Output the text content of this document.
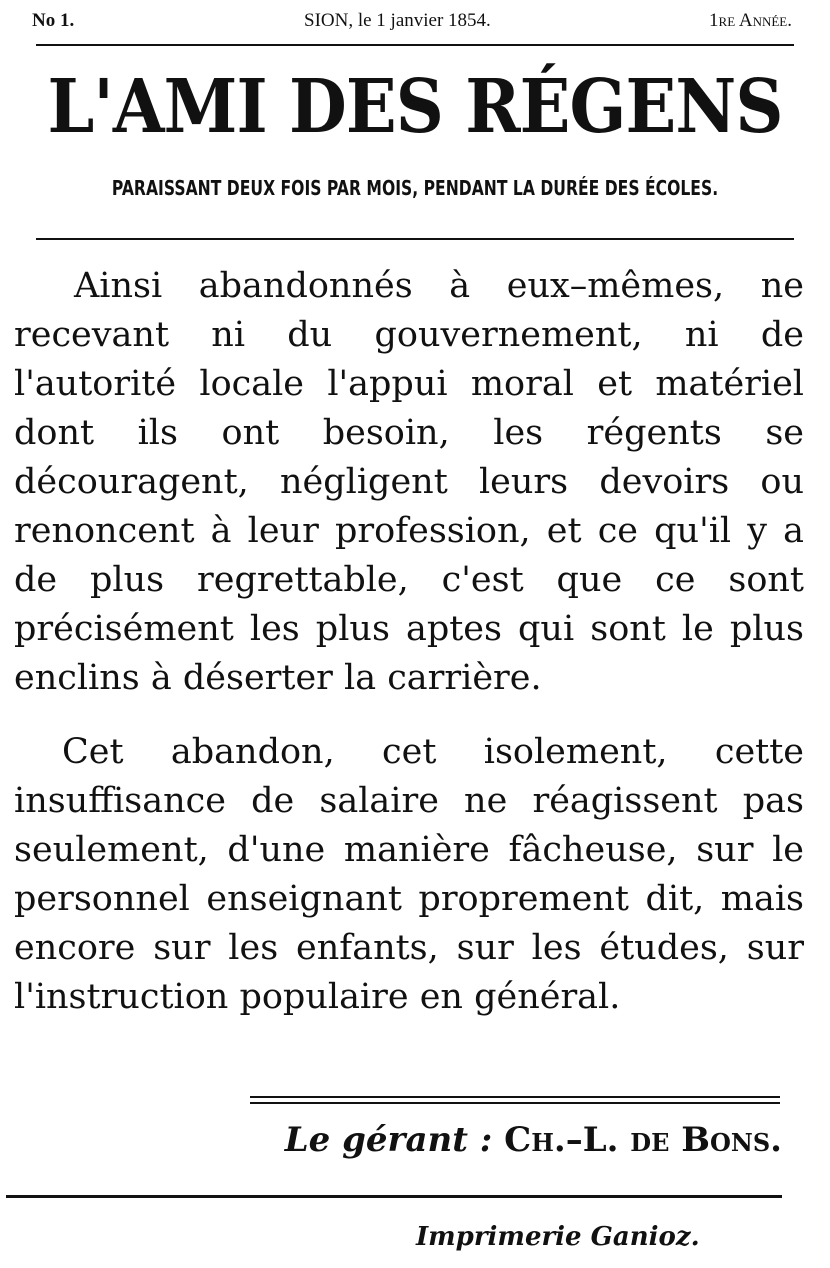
No 1.	SION, le 1 janvier 1854.	1re Année.
L'AMI DES RÉGENS
PARAISSANT DEUX FOIS PAR MOIS, PENDANT LA DURÉE DES ÉCOLES.

Ainsi abandonnés à eux–mêmes, ne recevant ni du gouvernement, ni de l'autorité locale l'appui moral et matériel dont ils ont besoin, les régents se découragent, négligent leurs devoirs ou renoncent à leur profession, et ce qu'il y a de plus regrettable, c'est que ce sont précisément les plus aptes qui sont le plus enclins à déserter la carrière.

Cet abandon, cet isolement, cette insuffisance de salaire ne réagissent pas seulement, d'une manière fâcheuse, sur le personnel enseignant proprement dit, mais encore sur les enfants, sur les études, sur l'instruction populaire en général.

Le gérant : Ch.–L. de Bons.
Imprimerie Ganioz.
